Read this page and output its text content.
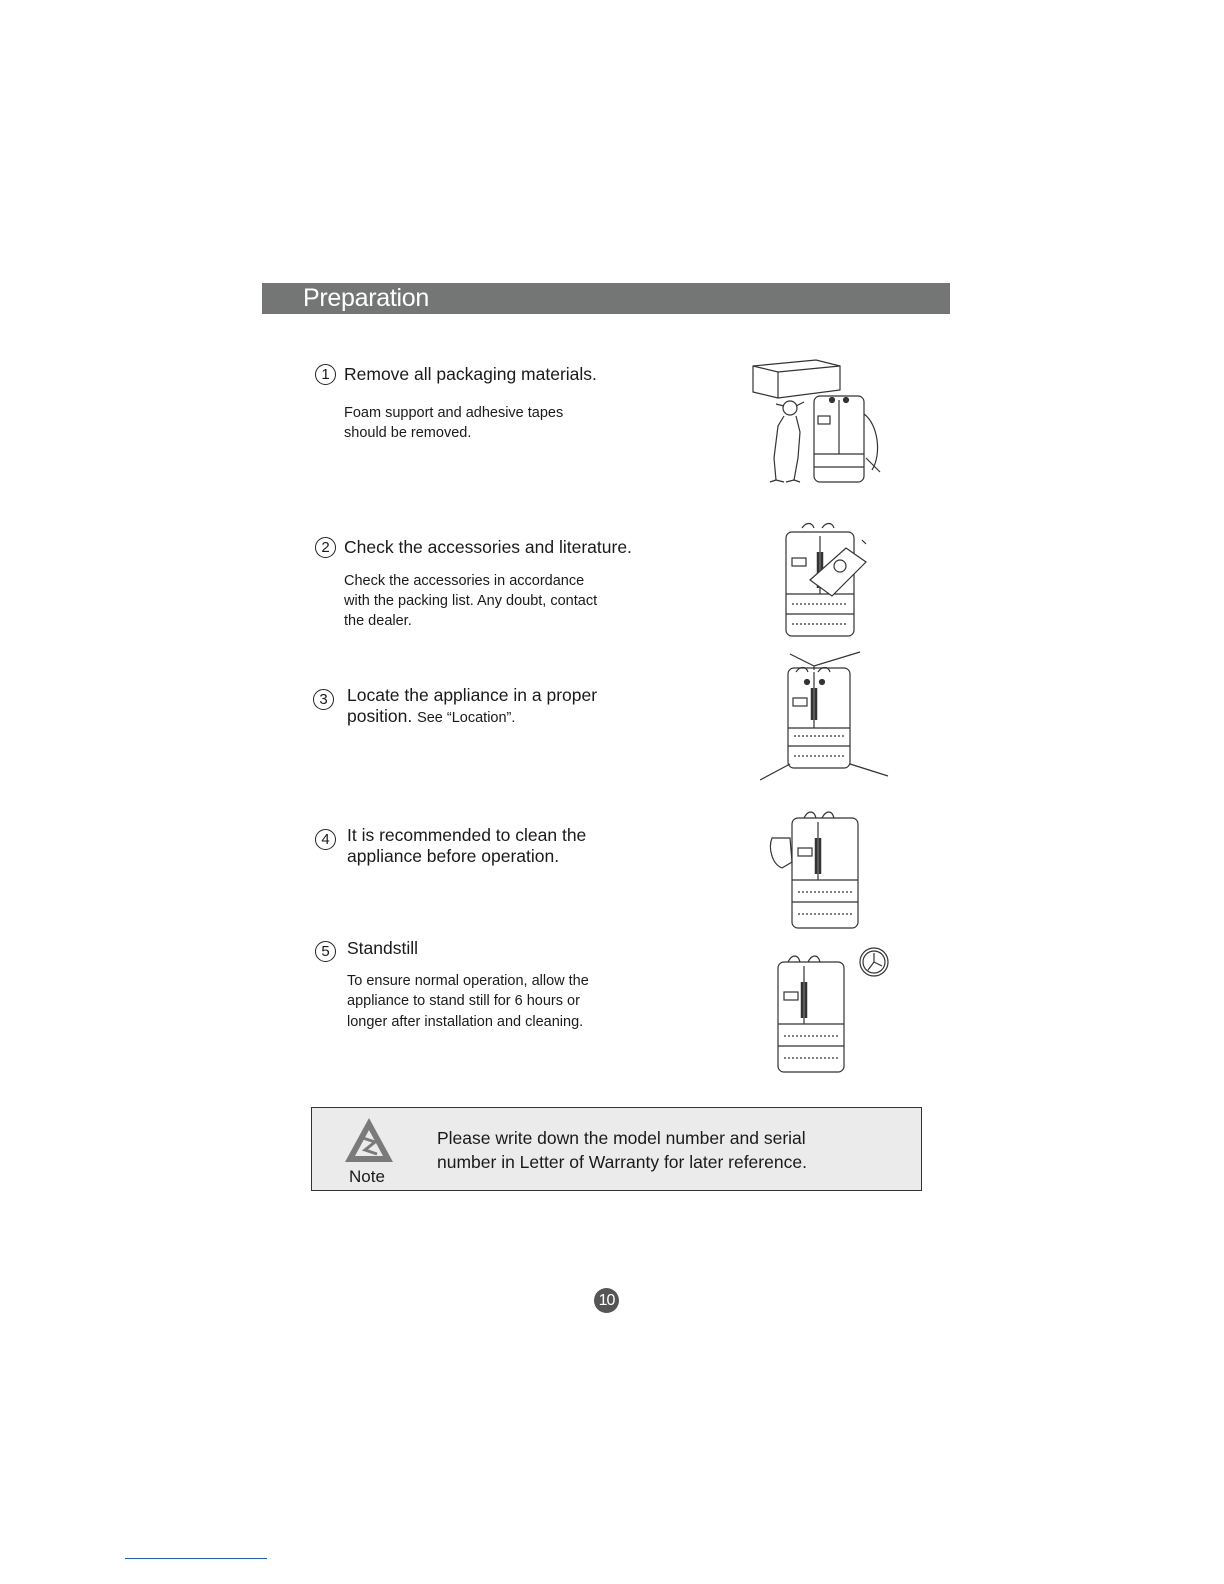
Preparation
1 Remove all packaging materials.
Foam support and adhesive tapes
should be removed.
2 Check the accessories and literature.
Check the accessories in accordance
with the packing list. Any doubt, contact
the dealer.
3	Locate the appliance in a proper
position. See “Location”.
4 It is recommended to clean the
appliance before operation.
5 Standstill
To ensure normal operation, allow the
appliance to stand still for 6 hours or
longer after installation and cleaning.
Note
Please write down the model number and serial
number in Letter of Warranty for later reference.
10
